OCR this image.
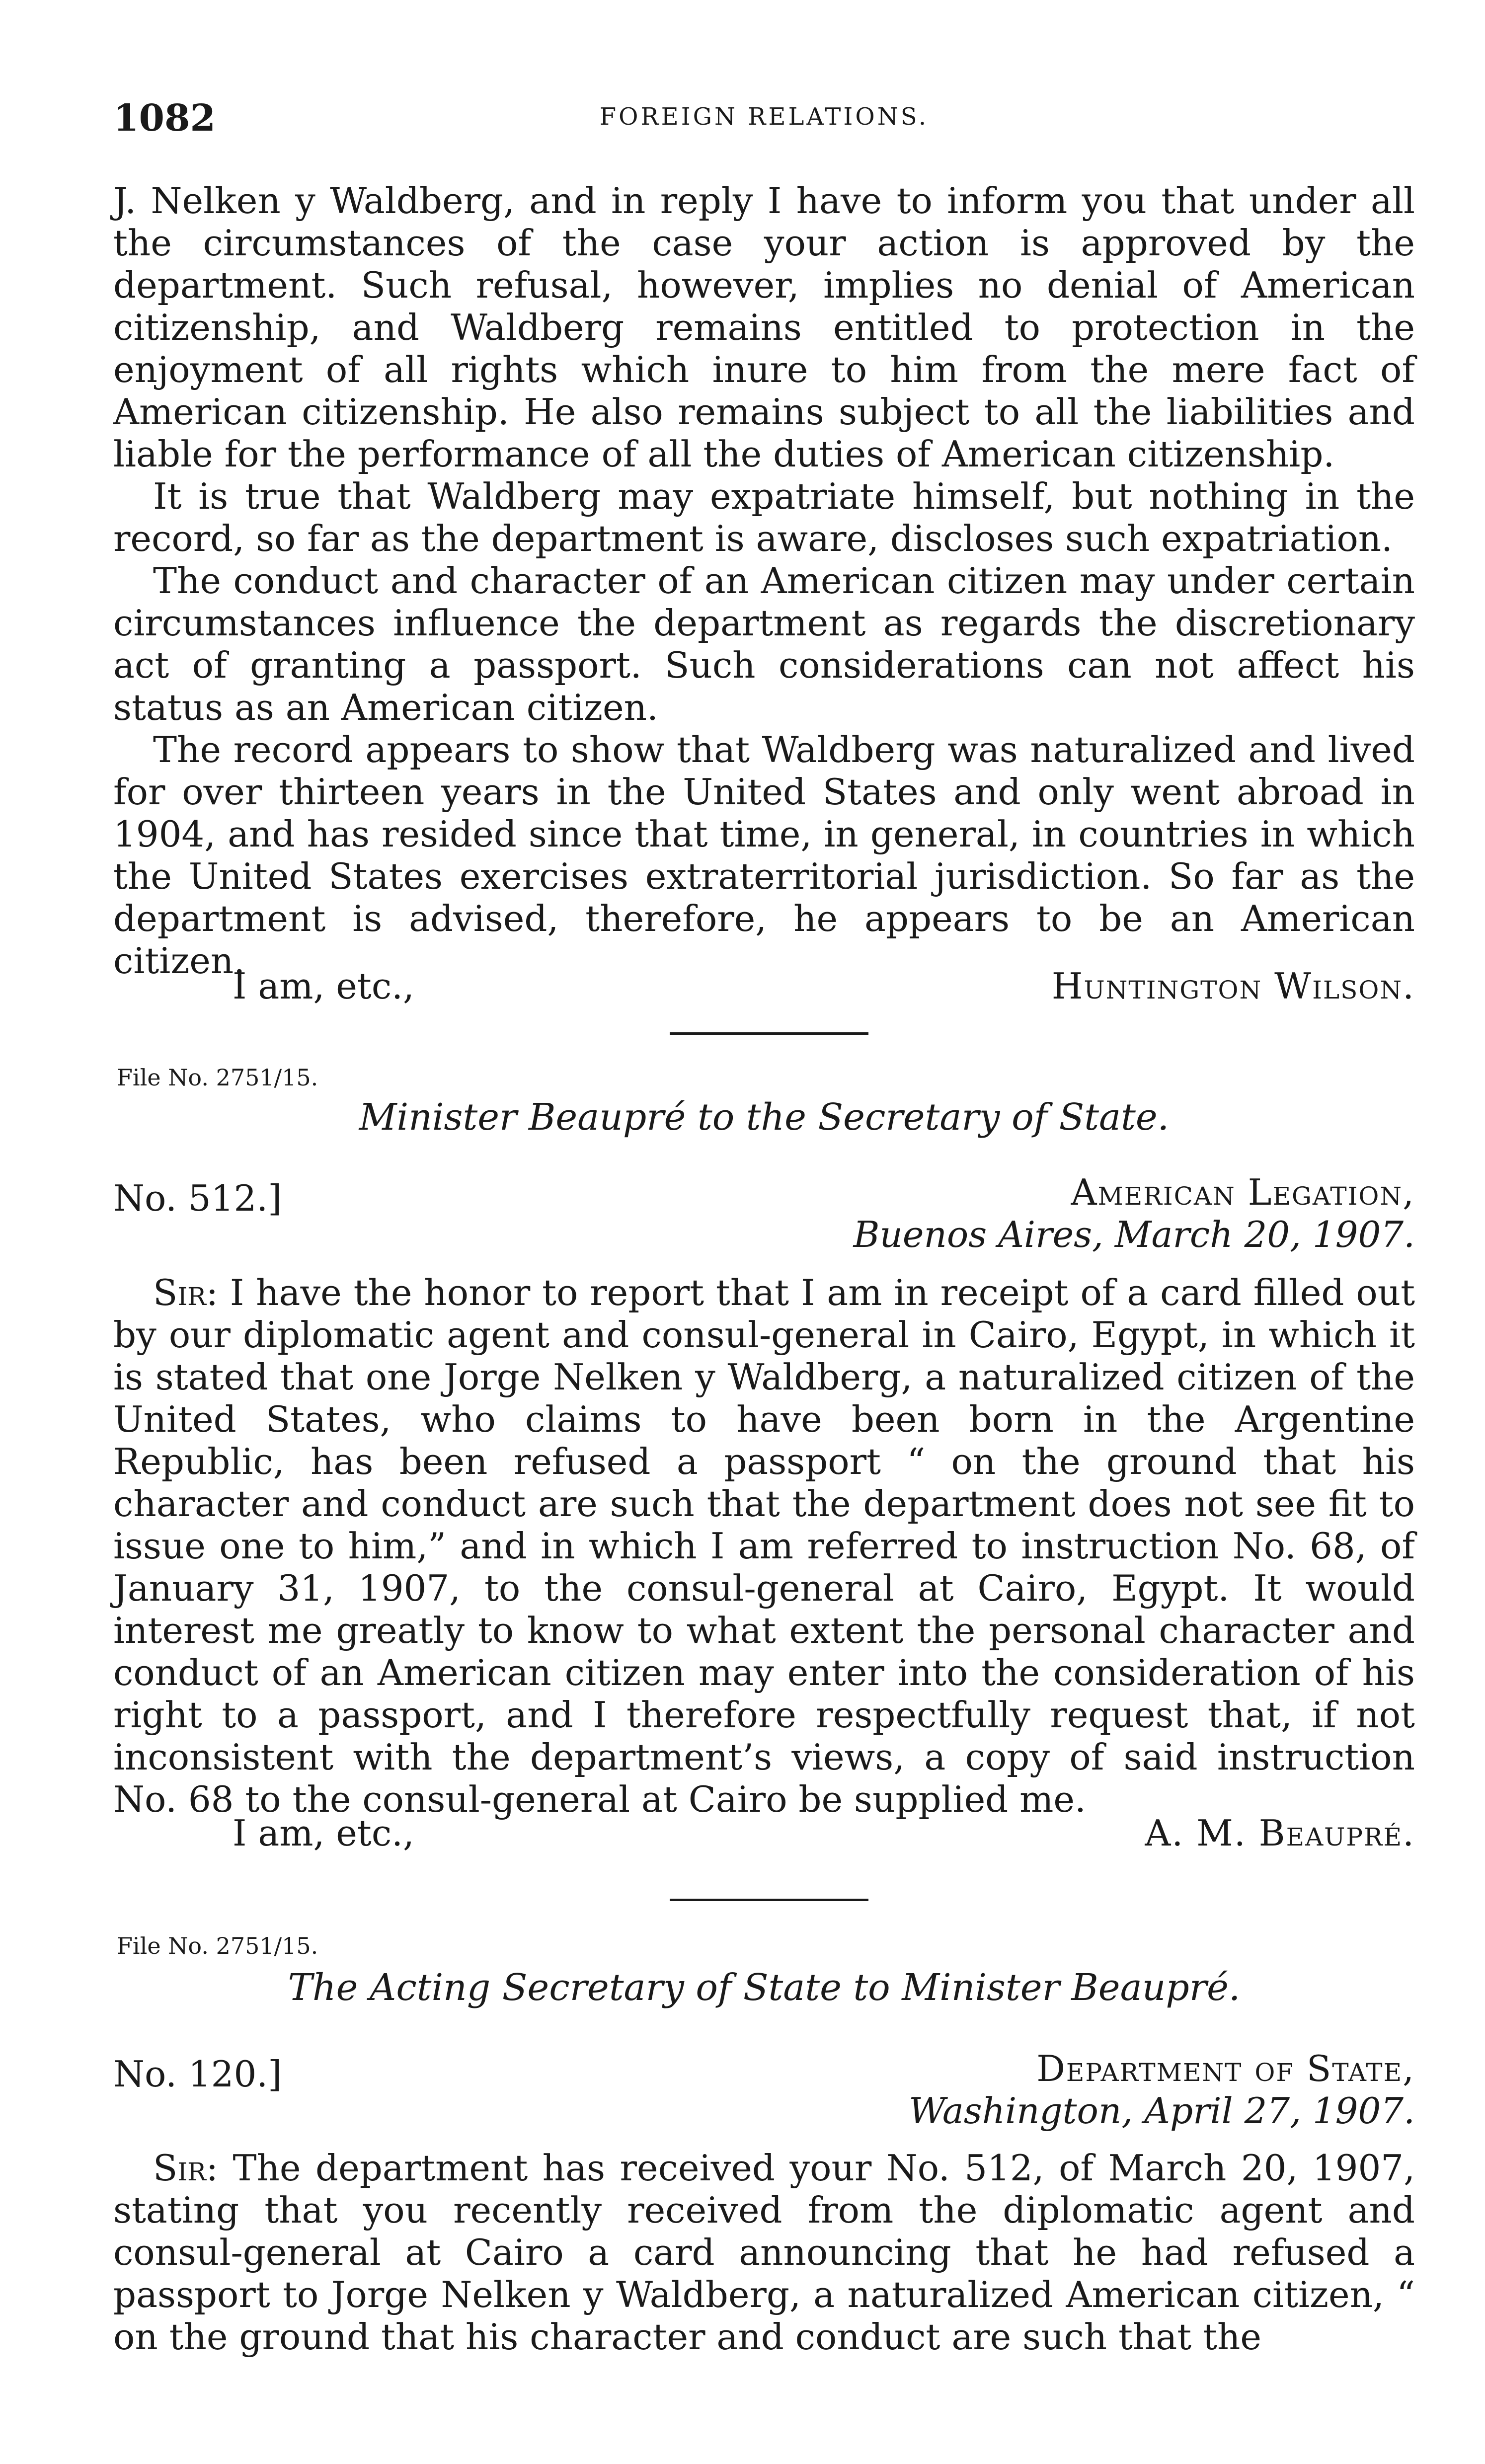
1082	FOREIGN RELATIONS.

J. Nelken y Waldberg, and in reply I have to inform you that under all the circumstances of the case your action is approved by the department. Such refusal, however, implies no denial of American citizenship, and Waldberg remains entitled to protection in the enjoyment of all rights which inure to him from the mere fact of American citizenship. He also remains subject to all the liabilities and liable for the performance of all the duties of American citizenship.

It is true that Waldberg may expatriate himself, but nothing in the record, so far as the department is aware, discloses such expatriation.

The conduct and character of an American citizen may under certain circumstances influence the department as regards the discretionary act of granting a passport. Such considerations can not affect his status as an American citizen.

The record appears to show that Waldberg was naturalized and lived for over thirteen years in the United States and only went abroad in 1904, and has resided since that time, in general, in countries in which the United States exercises extraterritorial jurisdiction. So far as the department is advised, therefore, he appears to be an American citizen.

I am, etc.,	Huntington Wilson.
File No. 2751/15.
Minister Beaupré to the Secretary of State.
No. 512.]	American Legation,
Buenos Aires, March 20, 1907.

Sir: I have the honor to report that I am in receipt of a card filled out by our diplomatic agent and consul-general in Cairo, Egypt, in which it is stated that one Jorge Nelken y Waldberg, a naturalized citizen of the United States, who claims to have been born in the Argentine Republic, has been refused a passport “ on the ground that his character and conduct are such that the department does not see fit to issue one to him,” and in which I am referred to instruction No. 68, of January 31, 1907, to the consul-general at Cairo, Egypt. It would interest me greatly to know to what extent the personal character and conduct of an American citizen may enter into the consideration of his right to a passport, and I therefore respectfully request that, if not inconsistent with the department’s views, a copy of said instruction No. 68 to the consul-general at Cairo be supplied me.

I am, etc.,	A. M. Beaupré.
File No. 2751/15.
The Acting Secretary of State to Minister Beaupré.
No. 120.]	Department of State,
Washington, April 27, 1907.

Sir: The department has received your No. 512, of March 20, 1907, stating that you recently received from the diplomatic agent and consul-general at Cairo a card announcing that he had refused a passport to Jorge Nelken y Waldberg, a naturalized American citizen, “ on the ground that his character and conduct are such that the
